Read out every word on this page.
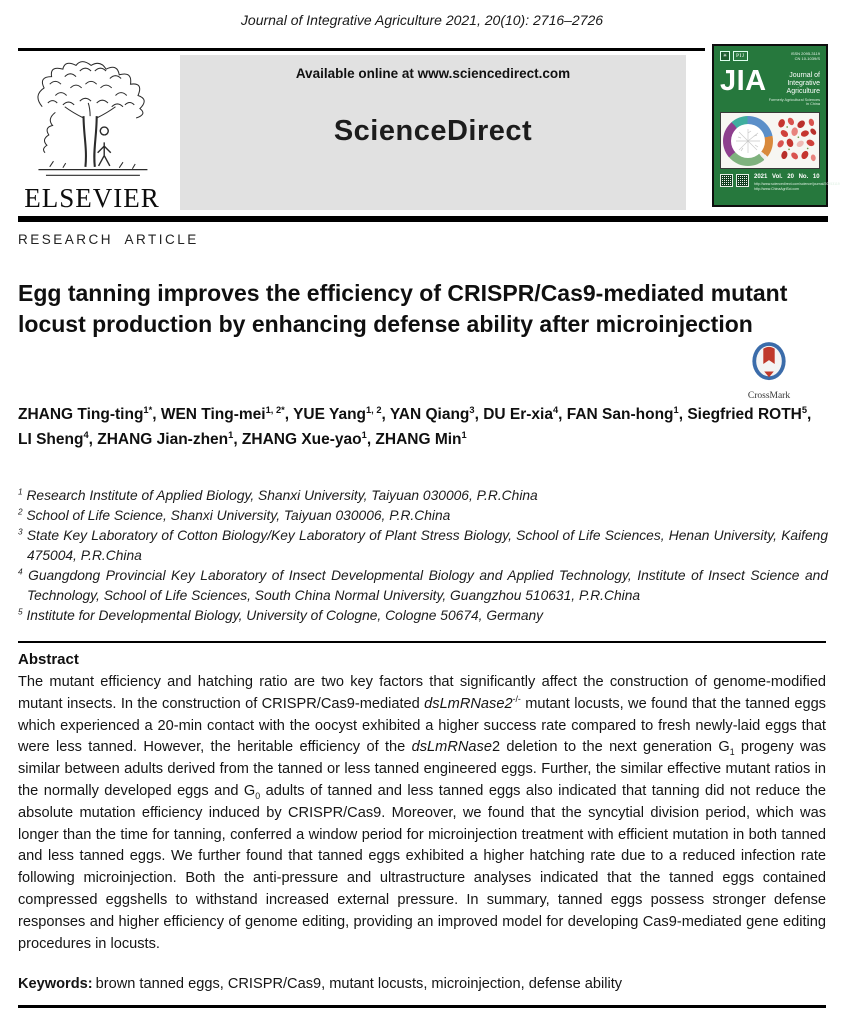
Journal of Integrative Agriculture 2021, 20(10): 2716–2726
ELSEVIER
Available online at www.sciencedirect.com
ScienceDirect
✳	PIJ	ISSN 2095-3119
CN 10-1039/S
JIA	Journal of
Integrative Agriculture
Formerly Agricultural Sciences in China
2021 Vol. 20 No. 10
http://www.sciencedirect.com/science/journal/20953119
http://www.ChinaAgriSci.com
RESEARCH ARTICLE
Egg tanning improves the efficiency of CRISPR/Cas9-mediated mutant locust production by enhancing defense ability after microinjection
CrossMark

ZHANG Ting-ting$^{1*}$, WEN Ting-mei$^{1, 2*}$, YUE Yang$^{1, 2}$, YAN Qiang$^3$, DU Er-xia$^4$, FAN San-hong$^1$, Siegfried ROTH$^5$, LI Sheng$^4$, ZHANG Jian-zhen$^1$, ZHANG Xue-yao$^1$, ZHANG Min$^1$

$^1$ Research Institute of Applied Biology, Shanxi University, Taiyuan 030006, P.R.China
$^2$ School of Life Science, Shanxi University, Taiyuan 030006, P.R.China
$^3$ State Key Laboratory of Cotton Biology/Key Laboratory of Plant Stress Biology, School of Life Sciences, Henan University, Kaifeng 475004, P.R.China
$^4$ Guangdong Provincial Key Laboratory of Insect Developmental Biology and Applied Technology, Institute of Insect Science and Technology, School of Life Sciences, South China Normal University, Guangzhou 510631, P.R.China
$^5$ Institute for Developmental Biology, University of Cologne, Cologne 50674, Germany
Abstract

The mutant efficiency and hatching ratio are two key factors that significantly affect the construction of genome-modified mutant insects. In the construction of CRISPR/Cas9-mediated dsLmRNase2-/- mutant locusts, we found that the tanned eggs which experienced a 20-min contact with the oocyst exhibited a higher success rate compared to fresh newly-laid eggs that were less tanned. However, the heritable efficiency of the dsLmRNase2 deletion to the next generation $G_1$ progeny was similar between adults derived from the tanned or less tanned engineered eggs. Further, the similar effective mutant ratios in the normally developed eggs and $G_0$ adults of tanned and less tanned eggs also indicated that tanning did not reduce the absolute mutation efficiency induced by CRISPR/Cas9. Moreover, we found that the syncytial division period, which was longer than the time for tanning, conferred a window period for microinjection treatment with efficient mutation in both tanned and less tanned eggs. We further found that tanned eggs exhibited a higher hatching rate due to a reduced infection rate following microinjection. Both the anti-pressure and ultrastructure analyses indicated that the tanned eggs contained compressed eggshells to withstand increased external pressure. In summary, tanned eggs possess stronger defense responses and higher efficiency of genome editing, providing an improved model for developing Cas9-mediated gene editing procedures in locusts.

Keywords: brown tanned eggs, CRISPR/Cas9, mutant locusts, microinjection, defense ability
